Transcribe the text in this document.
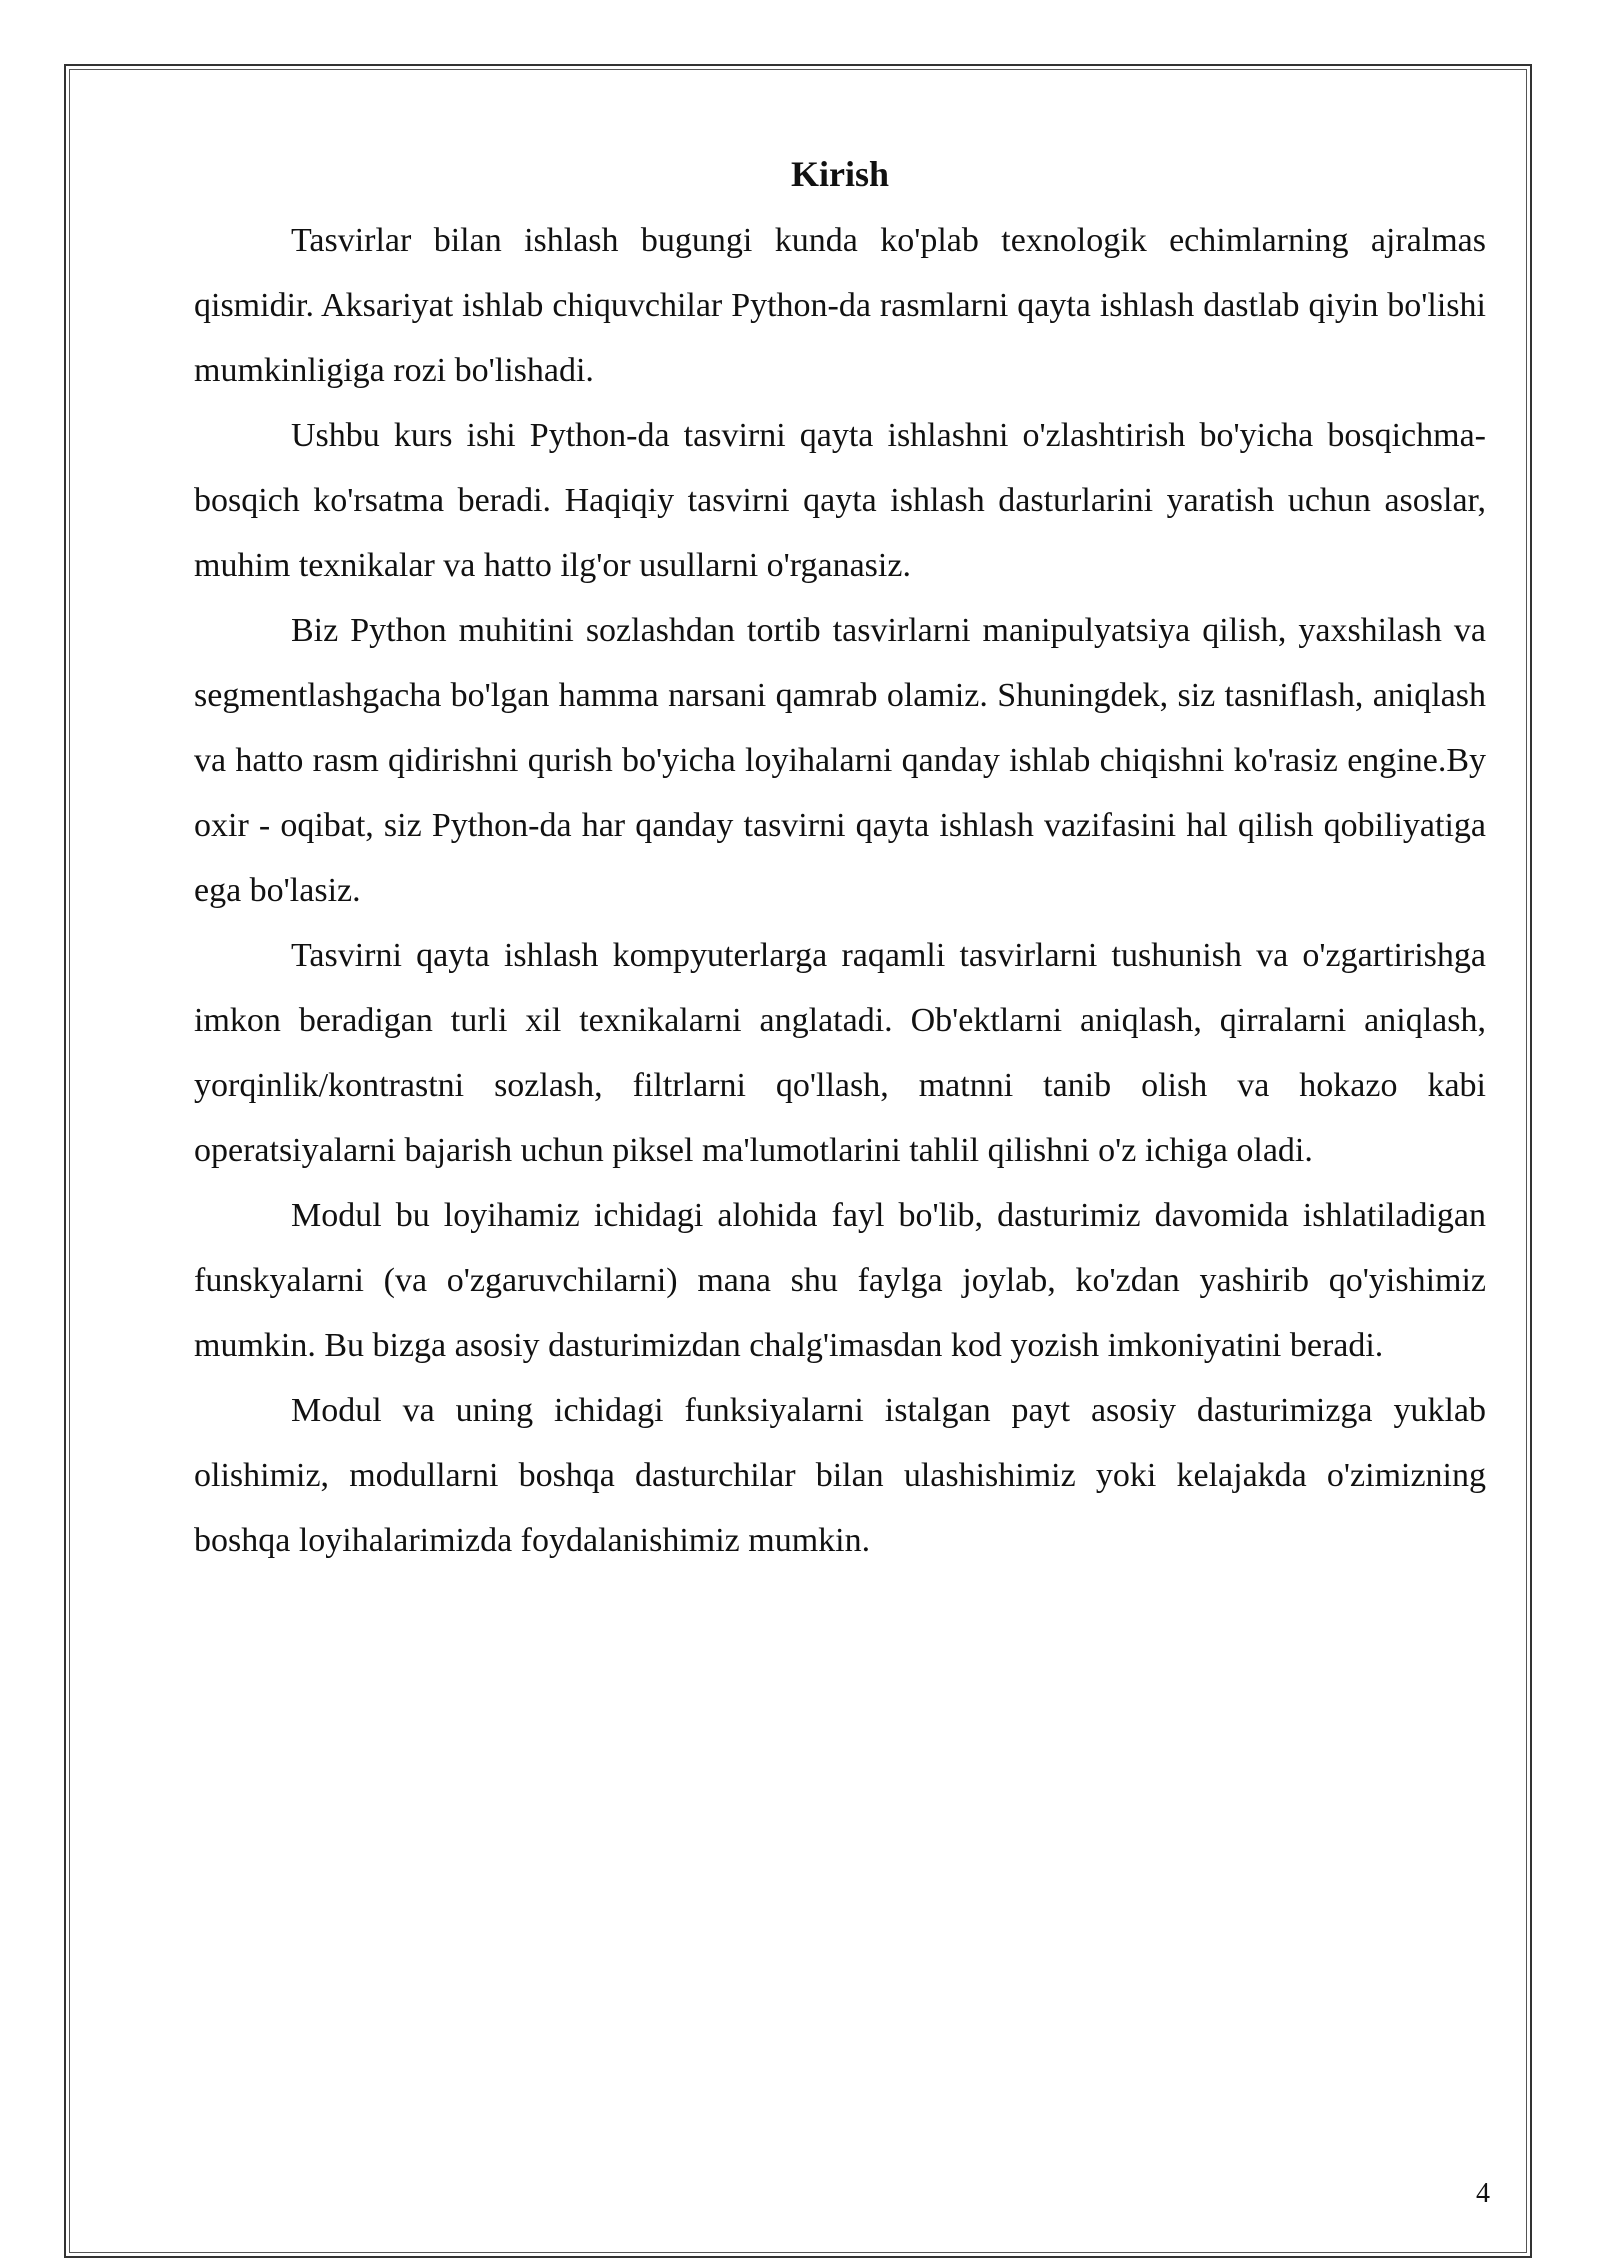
Kirish

Tasvirlar bilan ishlash bugungi kunda ko'plab texnologik echimlarning ajralmas qismidir. Aksariyat ishlab chiquvchilar Python-da rasmlarni qayta ishlash dastlab qiyin bo'lishi mumkinligiga rozi bo'lishadi.

Ushbu kurs ishi Python-da tasvirni qayta ishlashni o'zlashtirish bo'yicha bosqichma-bosqich ko'rsatma beradi. Haqiqiy tasvirni qayta ishlash dasturlarini yaratish uchun asoslar, muhim texnikalar va hatto ilg'or usullarni o'rganasiz.

Biz Python muhitini sozlashdan tortib tasvirlarni manipulyatsiya qilish, yaxshilash va segmentlashgacha bo'lgan hamma narsani qamrab olamiz. Shuningdek, siz tasniflash, aniqlash va hatto rasm qidirishni qurish bo'yicha loyihalarni qanday ishlab chiqishni ko'rasiz engine.By oxir - oqibat, siz Python-da har qanday tasvirni qayta ishlash vazifasini hal qilish qobiliyatiga ega bo'lasiz.

Tasvirni qayta ishlash kompyuterlarga raqamli tasvirlarni tushunish va o'zgartirishga imkon beradigan turli xil texnikalarni anglatadi. Ob'ektlarni aniqlash, qirralarni aniqlash, yorqinlik/kontrastni sozlash, filtrlarni qo'llash, matnni tanib olish va hokazo kabi operatsiyalarni bajarish uchun piksel ma'lumotlarini tahlil qilishni o'z ichiga oladi.

Modul bu loyihamiz ichidagi alohida fayl bo'lib, dasturimiz davomida ishlatiladigan funskyalarni (va o'zgaruvchilarni) mana shu faylga joylab, ko'zdan yashirib qo'yishimiz mumkin. Bu bizga asosiy dasturimizdan chalg'imasdan kod yozish imkoniyatini beradi.

Modul va uning ichidagi funksiyalarni istalgan payt asosiy dasturimizga yuklab olishimiz, modullarni boshqa dasturchilar bilan ulashishimiz yoki kelajakda o'zimizning boshqa loyihalarimizda foydalanishimiz mumkin.

4
